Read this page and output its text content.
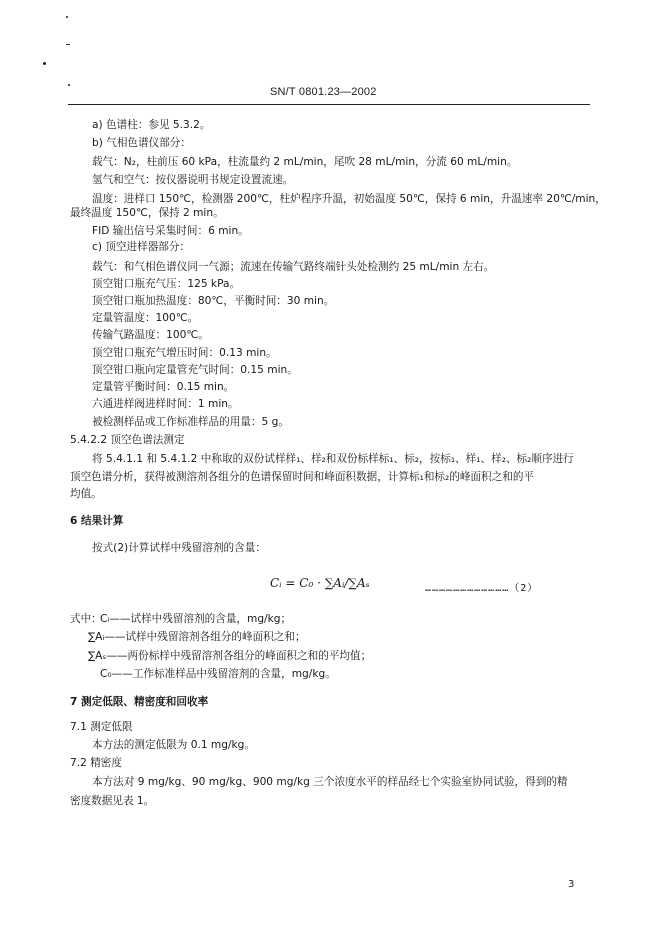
SN/T 0801.23—2002
a) 色谱柱：参见 5.3.2。
b) 气相色谱仪部分：
载气：N₂，柱前压 60 kPa，柱流量约 2 mL/min，尾吹 28 mL/min，分流 60 mL/min。
氢气和空气：按仪器说明书规定设置流速。
温度：进样口 150℃，检测器 200℃，柱炉程序升温，初始温度 50℃，保持 6 min，升温速率 20℃/min，
最终温度 150℃，保持 2 min。
FID 输出信号采集时间：6 min。
c) 顶空进样器部分：
载气：和气相色谱仪同一气源；流速在传输气路终端针头处检测约 25 mL/min 左右。
顶空钳口瓶充气压：125 kPa。
顶空钳口瓶加热温度：80℃，平衡时间：30 min。
定量管温度：100℃。
传输气路温度：100℃。
顶空钳口瓶充气增压时间：0.13 min。
顶空钳口瓶向定量管充气时间：0.15 min。
定量管平衡时间：0.15 min。
六通进样阀进样时间：1 min。
被检测样品或工作标准样品的用量：5 g。
5.4.2.2 顶空色谱法测定
将 5.4.1.1 和 5.4.1.2 中称取的双份试样样₁、样₂和双份标样标₁、标₂，按标₁、样₁、样₂、标₂顺序进行
顶空色谱分析，获得被测溶剂各组分的色谱保留时间和峰面积数据，计算标₁和标₂的峰面积之和的平
均值。
6 结果计算
按式(2)计算试样中残留溶剂的含量：
Cᵢ = C₀ · ∑Aᵢ/∑Aₛ	………………………………（2）
式中：
Cᵢ——试样中残留溶剂的含量，mg/kg；
∑Aᵢ——试样中残留溶剂各组分的峰面积之和；
∑Aₛ——两份标样中残留溶剂各组分的峰面积之和的平均值；
C₀——工作标准样品中残留溶剂的含量，mg/kg。
7 测定低限、精密度和回收率
7.1 测定低限
本方法的测定低限为 0.1 mg/kg。
7.2 精密度
本方法对 9 mg/kg、90 mg/kg、900 mg/kg 三个浓度水平的样品经七个实验室协同试验，得到的精
密度数据见表 1。
3
